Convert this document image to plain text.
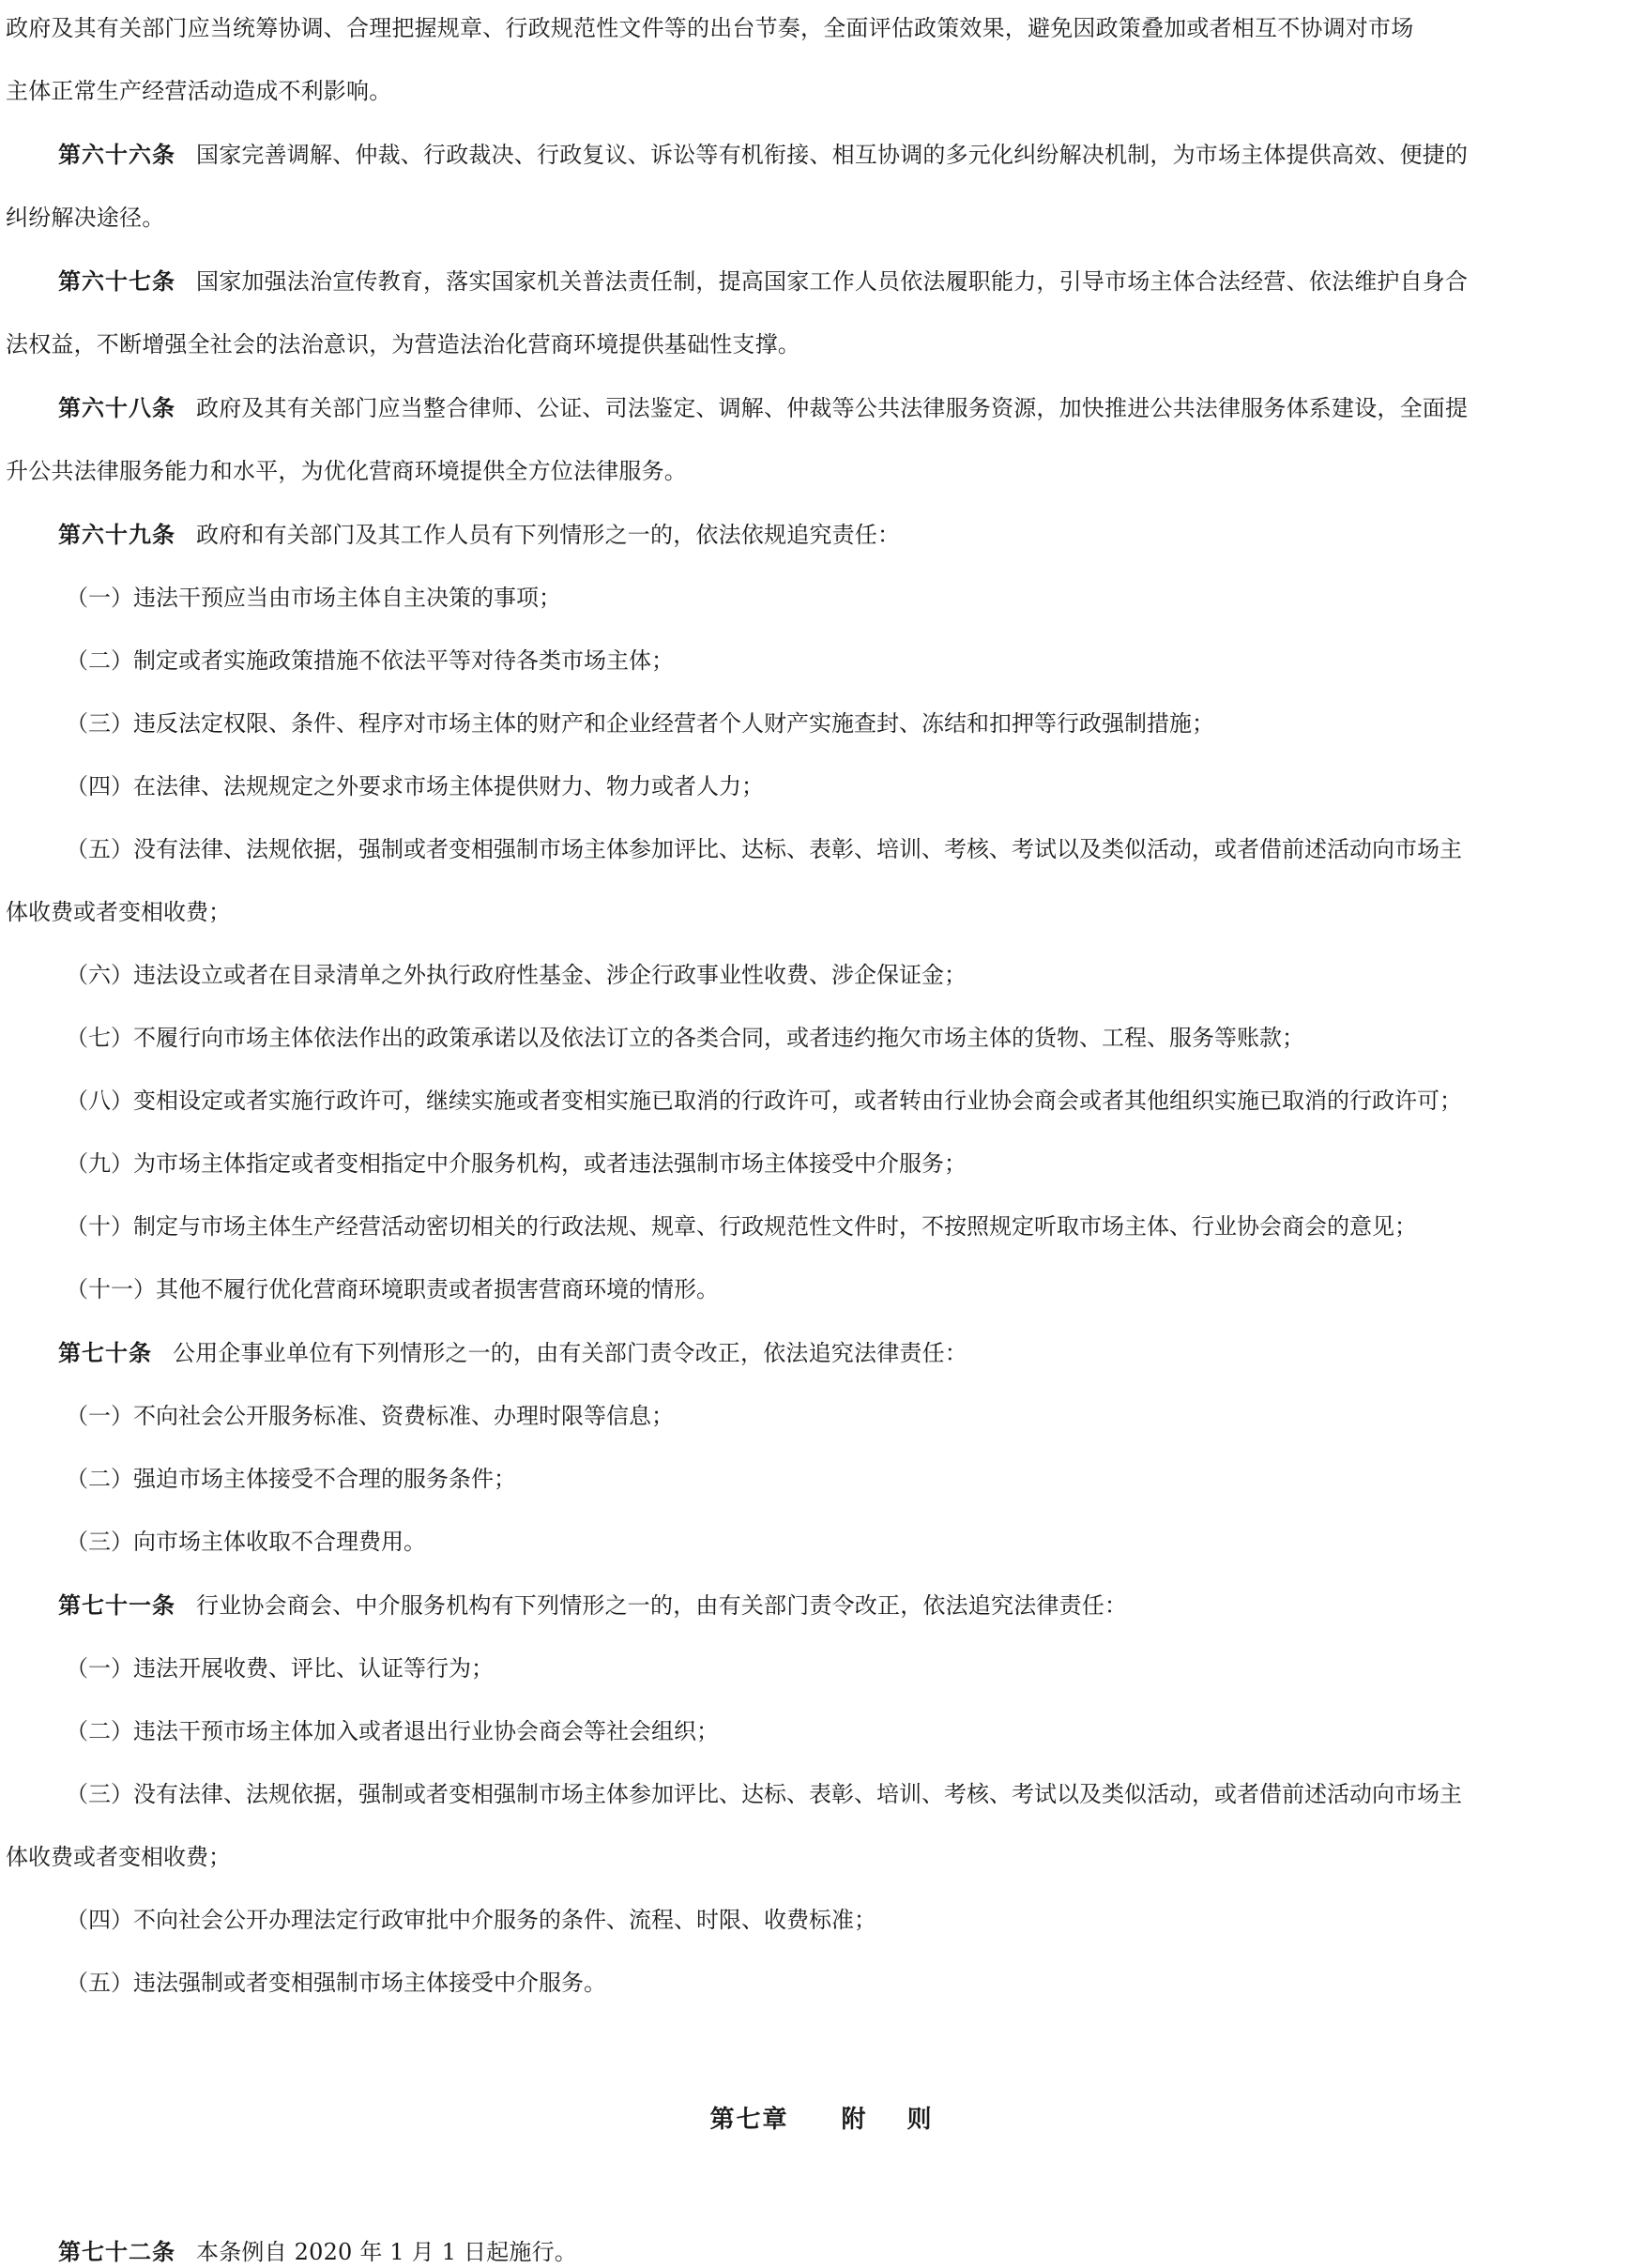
政府及其有关部门应当统筹协调、合理把握规章、行政规范性文件等的出台节奏，全面评估政策效果，避免因政策叠加或者相互不协调对市场
主体正常生产经营活动造成不利影响。
第六十六条 国家完善调解、仲裁、行政裁决、行政复议、诉讼等有机衔接、相互协调的多元化纠纷解决机制，为市场主体提供高效、便捷的
纠纷解决途径。
第六十七条 国家加强法治宣传教育，落实国家机关普法责任制，提高国家工作人员依法履职能力，引导市场主体合法经营、依法维护自身合
法权益，不断增强全社会的法治意识，为营造法治化营商环境提供基础性支撑。
第六十八条 政府及其有关部门应当整合律师、公证、司法鉴定、调解、仲裁等公共法律服务资源，加快推进公共法律服务体系建设，全面提
升公共法律服务能力和水平，为优化营商环境提供全方位法律服务。
第六十九条 政府和有关部门及其工作人员有下列情形之一的，依法依规追究责任：
（一）违法干预应当由市场主体自主决策的事项；
（二）制定或者实施政策措施不依法平等对待各类市场主体；
（三）违反法定权限、条件、程序对市场主体的财产和企业经营者个人财产实施查封、冻结和扣押等行政强制措施；
（四）在法律、法规规定之外要求市场主体提供财力、物力或者人力；
（五）没有法律、法规依据，强制或者变相强制市场主体参加评比、达标、表彰、培训、考核、考试以及类似活动，或者借前述活动向市场主
体收费或者变相收费；
（六）违法设立或者在目录清单之外执行政府性基金、涉企行政事业性收费、涉企保证金；
（七）不履行向市场主体依法作出的政策承诺以及依法订立的各类合同，或者违约拖欠市场主体的货物、工程、服务等账款；
（八）变相设定或者实施行政许可，继续实施或者变相实施已取消的行政许可，或者转由行业协会商会或者其他组织实施已取消的行政许可；
（九）为市场主体指定或者变相指定中介服务机构，或者违法强制市场主体接受中介服务；
（十）制定与市场主体生产经营活动密切相关的行政法规、规章、行政规范性文件时，不按照规定听取市场主体、行业协会商会的意见；
（十一）其他不履行优化营商环境职责或者损害营商环境的情形。
第七十条 公用企事业单位有下列情形之一的，由有关部门责令改正，依法追究法律责任：
（一）不向社会公开服务标准、资费标准、办理时限等信息；
（二）强迫市场主体接受不合理的服务条件；
（三）向市场主体收取不合理费用。
第七十一条 行业协会商会、中介服务机构有下列情形之一的，由有关部门责令改正，依法追究法律责任：
（一）违法开展收费、评比、认证等行为；
（二）违法干预市场主体加入或者退出行业协会商会等社会组织；
（三）没有法律、法规依据，强制或者变相强制市场主体参加评比、达标、表彰、培训、考核、考试以及类似活动，或者借前述活动向市场主
体收费或者变相收费；
（四）不向社会公开办理法定行政审批中介服务的条件、流程、时限、收费标准；
（五）违法强制或者变相强制市场主体接受中介服务。
第七章 附 则
第七十二条 本条例自 2020 年 1 月 1 日起施行。
